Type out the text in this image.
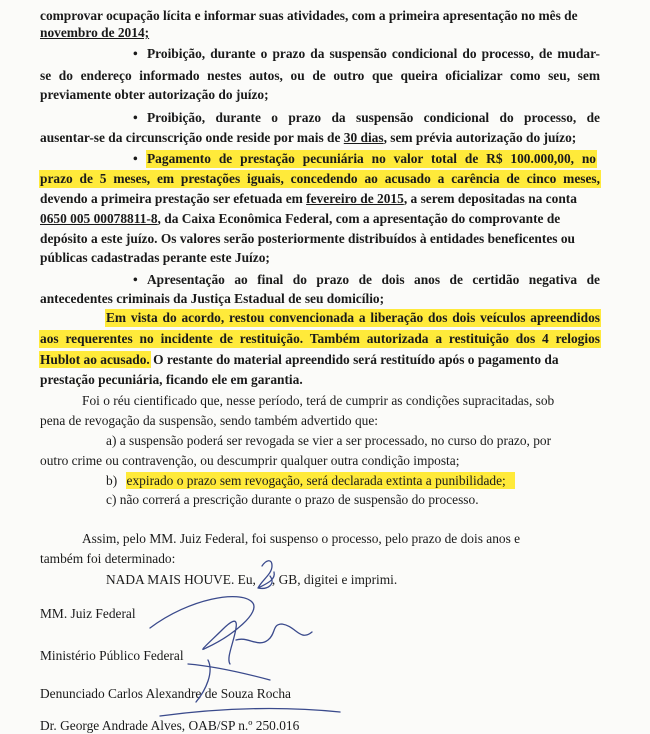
comprovar ocupação lícita e informar suas atividades, com a primeira apresentação no mês de
novembro de 2014;
• Proibição, durante o prazo da suspensão condicional do processo, de mudar-
se do endereço informado nestes autos, ou de outro que queira oficializar como seu, sem
previamente obter autorização do juízo;
• Proibição, durante o prazo da suspensão condicional do processo, de
ausentar-se da circunscrição onde reside por mais de 30 dias, sem prévia autorização do juízo;
• Pagamento de prestação pecuniária no valor total de R$ 100.000,00, no
prazo de 5 meses, em prestações iguais, concedendo ao acusado a carência de cinco meses,
devendo a primeira prestação ser efetuada em fevereiro de 2015, a serem depositadas na conta
0650 005 00078811-8, da Caixa Econômica Federal, com a apresentação do comprovante de
depósito a este juízo. Os valores serão posteriormente distribuídos à entidades beneficentes ou
públicas cadastradas perante este Juízo;
• Apresentação ao final do prazo de dois anos de certidão negativa de
antecedentes criminais da Justiça Estadual de seu domicílio;
Em vista do acordo, restou convencionada a liberação dos dois veículos apreendidos
aos requerentes no incidente de restituição. Também autorizada a restituição dos 4 relogios
Hublot ao acusado. O restante do material apreendido será restituído após o pagamento da
prestação pecuniária, ficando ele em garantia.
Foi o réu cientificado que, nesse período, terá de cumprir as condições supracitadas, sob
pena de revogação da suspensão, sendo também advertido que:
a) a suspensão poderá ser revogada se vier a ser processado, no curso do prazo, por
outro crime ou contravenção, ou descumprir qualquer outra condição imposta;
b) expirado o prazo sem revogação, será declarada extinta a punibilidade;
c) não correrá a prescrição durante o prazo de suspensão do processo.
Assim, pelo MM. Juiz Federal, foi suspenso o processo, pelo prazo de dois anos e
também foi determinado:
NADA MAIS HOUVE. Eu, , GB, digitei e imprimi.
MM. Juiz Federal
Ministério Público Federal
Denunciado Carlos Alexandre de Souza Rocha
Dr. George Andrade Alves, OAB/SP n.º 250.016
